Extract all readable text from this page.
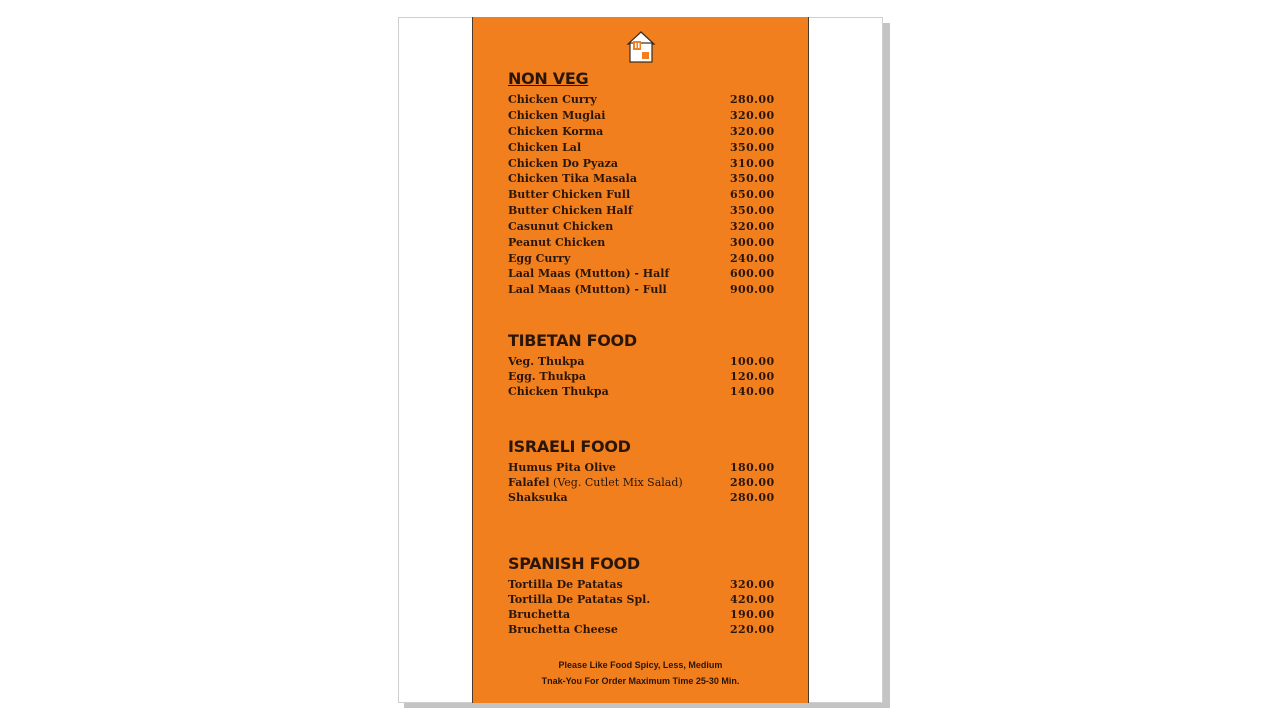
NON VEG
Chicken Curry	280.00
Chicken Muglai	320.00
Chicken Korma	320.00
Chicken Lal	350.00
Chicken Do Pyaza	310.00
Chicken Tika Masala	350.00
Butter Chicken Full	650.00
Butter Chicken Half	350.00
Casunut Chicken	320.00
Peanut Chicken	300.00
Egg Curry	240.00
Laal Maas (Mutton) - Half	600.00
Laal Maas (Mutton) - Full	900.00
TIBETAN FOOD
Veg. Thukpa	100.00
Egg. Thukpa	120.00
Chicken Thukpa	140.00
ISRAELI FOOD
Humus Pita Olive	180.00
Falafel (Veg. Cutlet Mix Salad)	280.00
Shaksuka	280.00
SPANISH FOOD
Tortilla De Patatas	320.00
Tortilla De Patatas Spl.	420.00
Bruchetta	190.00
Bruchetta Cheese	220.00
Please Like Food Spicy, Less, Medium
Tnak-You For Order Maximum Time 25-30 Min.
